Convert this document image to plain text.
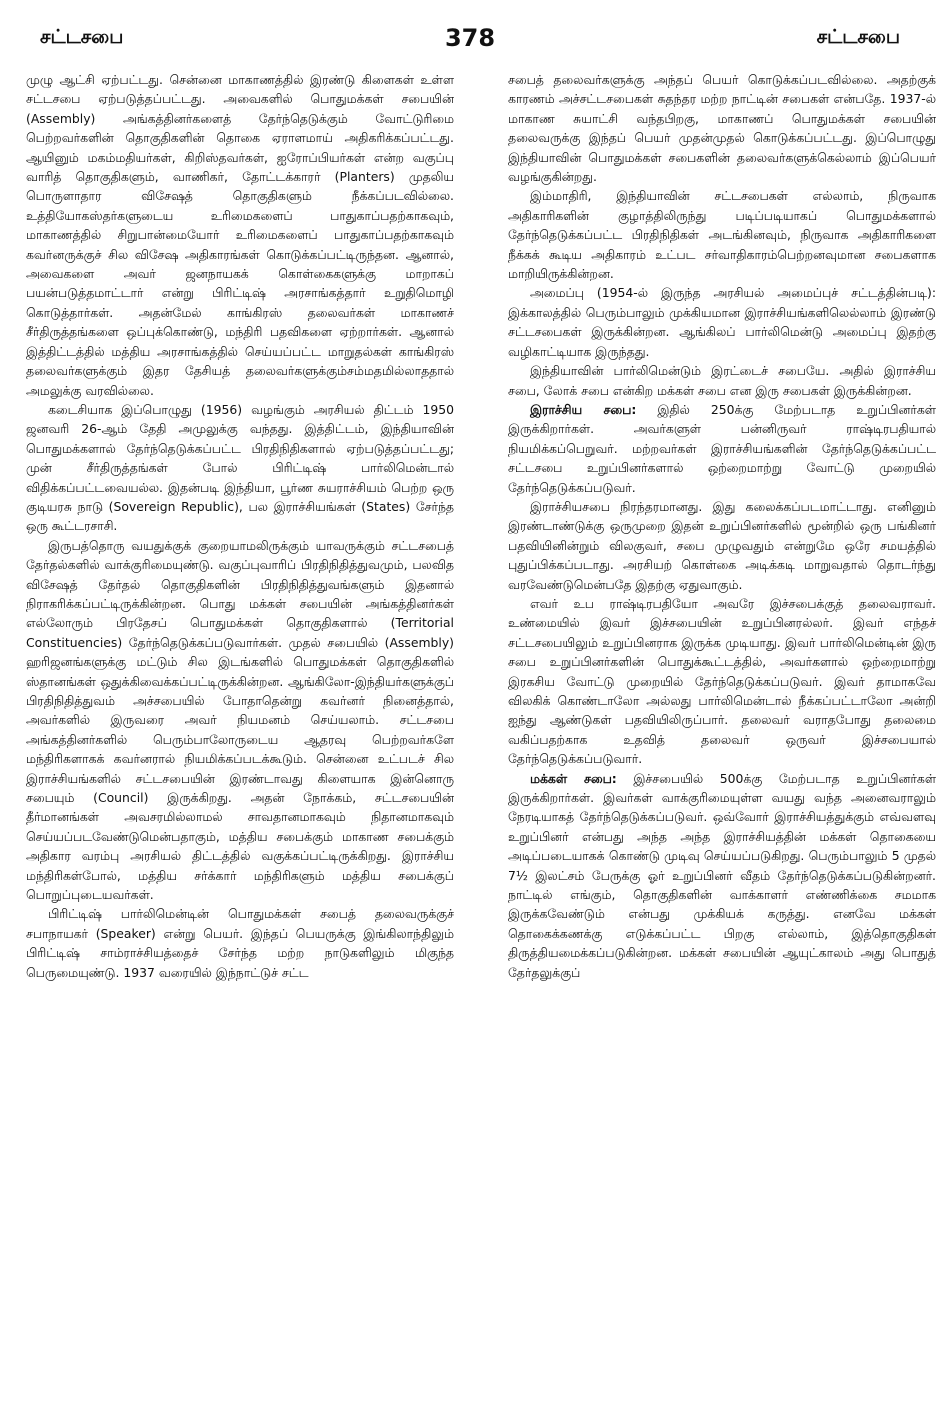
சட்டசபை	378	சட்டசபை

முழு ஆட்சி ஏற்பட்டது. சென்னை மாகாணத்தில் இரண்டு கிளைகள் உள்ள சட்டசபை ஏற்படுத்தப்பட்டது. அவைகளில் பொதுமக்கள் சபையின் (Assembly) அங்கத்தினர்களைத் தேர்ந்தெடுக்கும் வோட்டுரிமை பெற்றவர்களின் தொகுதிகளின் தொகை ஏராளமாய் அதிகரிக்கப்பட்டது. ஆயினும் மகம்மதியர்கள், கிறிஸ்தவர்கள், ஐரோப்பியர்கள் என்ற வகுப்பு வாரித் தொகுதிகளும், வாணிகர், தோட்டக்காரர் (Planters) முதலிய பொருளாதார விசேஷத் தொகுதிகளும் நீக்கப்படவில்லை. உத்தியோகஸ்தர்களுடைய உரிமைகளைப் பாதுகாப்பதற்காகவும், மாகாணத்தில் சிறுபான்மையோர் உரிமைகளைப் பாதுகாப்பதற்காகவும் கவர்னருக்குச் சில விசேஷ அதிகாரங்கள் கொடுக்கப்பட்டிருந்தன. ஆனால், அவைகளை அவர் ஜனநாயகக் கொள்கைகளுக்கு மாறாகப் பயன்படுத்தமாட்டார் என்று பிரிட்டிஷ் அரசாங்கத்தார் உறுதிமொழி கொடுத்தார்கள். அதன்மேல் காங்கிரஸ் தலைவர்கள் மாகாணச் சீர்திருத்தங்களை ஒப்புக்கொண்டு, மந்திரி பதவிகளை ஏற்றார்கள். ஆனால் இத்திட்டத்தில் மத்திய அரசாங்கத்தில் செய்யப்பட்ட மாறுதல்கள் காங்கிரஸ் தலைவர்களுக்கும் இதர தேசியத் தலைவர்களுக்கும்சம்மதமில்லாததால் அமலுக்கு வரவில்லை.

கடைசியாக இப்பொழுது (1956) வழங்கும் அரசியல் திட்டம் 1950 ஜனவரி 26-ஆம் தேதி அமுலுக்கு வந்தது. இத்திட்டம், இந்தியாவின் பொதுமக்களால் தேர்ந்தெடுக்கப்பட்ட பிரதிநிதிகளால் ஏற்படுத்தப்பட்டது; முன் சீர்திருத்தங்கள் போல் பிரிட்டிஷ் பார்லிமென்டால் விதிக்கப்பட்டவையல்ல. இதன்படி இந்தியா, பூர்ண சுயராச்சியம் பெற்ற ஒரு குடியரசு நாடு (Sovereign Republic), பல இராச்சியங்கள் (States) சேர்ந்த ஒரு கூட்டரசாசி.

இருபத்தொரு வயதுக்குக் குறையாமலிருக்கும் யாவருக்கும் சட்டசபைத் தேர்தல்களில் வாக்குரிமையுண்டு. வகுப்புவாரிப் பிரதிநிதித்துவமும், பலவித விசேஷத் தேர்தல் தொகுதிகளின் பிரதிநிதித்துவங்களும் இதனால் நிராகரிக்கப்பட்டிருக்கின்றன. பொது மக்கள் சபையின் அங்கத்தினர்கள் எல்லோரும் பிரதேசப் பொதுமக்கள் தொகுதிகளால் (Territorial Constituencies) தேர்ந்தெடுக்கப்படுவார்கள். முதல் சபையில் (Assembly) ஹரிஜனங்களுக்கு மட்டும் சில இடங்களில் பொதுமக்கள் தொகுதிகளில் ஸ்தானங்கள் ஒதுக்கிவைக்கப்பட்டிருக்கின்றன. ஆங்கிலோ-இந்தியர்களுக்குப் பிரதிநிதித்துவம் அச்சபையில் போதாதென்று கவர்னர் நினைத்தால், அவர்களில் இருவரை அவர் நியமனம் செய்யலாம். சட்டசபை அங்கத்தினர்களில் பெரும்பாலோருடைய ஆதரவு பெற்றவர்களே மந்திரிகளாகக் கவர்னரால் நியமிக்கப்படக்கூடும். சென்னை உட்படச் சில இராச்சியங்களில் சட்டசபையின் இரண்டாவது கிளையாக இன்னொரு சபையும் (Council) இருக்கிறது. அதன் நோக்கம், சட்டசபையின் தீர்மானங்கள் அவசரமில்லாமல் சாவதானமாகவும் நிதானமாகவும் செய்யப்படவேண்டுமென்பதாகும், மத்திய சபைக்கும் மாகாண சபைக்கும் அதிகார வரம்பு அரசியல் திட்டத்தில் வகுக்கப்பட்டிருக்கிறது. இராச்சிய மந்திரிகள்போல், மத்திய சர்க்கார் மந்திரிகளும் மத்திய சபைக்குப் பொறுப்புடையவர்கள்.

பிரிட்டிஷ் பார்லிமென்டின் பொதுமக்கள் சபைத் தலைவருக்குச் சபாநாயகர் (Speaker) என்று பெயர். இந்தப் பெயருக்கு இங்கிலாந்திலும் பிரிட்டிஷ் சாம்ராச்சியத்தைச் சேர்ந்த மற்ற நாடுகளிலும் மிகுந்த பெருமையுண்டு. 1937 வரையில் இந்நாட்டுச் சட்ட

சபைத் தலைவர்களுக்கு அந்தப் பெயர் கொடுக்கப்படவில்லை. அதற்குக் காரணம் அச்சட்டசபைகள் சுதந்தர மற்ற நாட்டின் சபைகள் என்பதே. 1937-ல் மாகாண சுயாட்சி வந்தபிறகு, மாகாணப் பொதுமக்கள் சபையின் தலைவருக்கு இந்தப் பெயர் முதன்முதல் கொடுக்கப்பட்டது. இப்பொழுது இந்தியாவின் பொதுமக்கள் சபைகளின் தலைவர்களுக்கெல்லாம் இப்பெயர் வழங்குகின்றது.

இம்மாதிரி, இந்தியாவின் சட்டசபைகள் எல்லாம், நிருவாக அதிகாரிகளின் குழாத்திலிருந்து படிப்படியாகப் பொதுமக்களால் தேர்ந்தெடுக்கப்பட்ட பிரதிநிதிகள் அடங்கினவும், நிருவாக அதிகாரிகளை நீக்கக் கூடிய அதிகாரம் உட்பட சர்வாதிகாரம்பெற்றனவுமான சபைகளாக மாறியிருக்கின்றன.

அமைப்பு (1954-ல் இருந்த அரசியல் அமைப்புச் சட்டத்தின்படி): இக்காலத்தில் பெரும்பாலும் முக்கியமான இராச்சியங்களிலெல்லாம் இரண்டு சட்டசபைகள் இருக்கின்றன. ஆங்கிலப் பார்லிமென்டு அமைப்பு இதற்கு வழிகாட்டியாக இருந்தது.

இந்தியாவின் பார்லிமென்டும் இரட்டைச் சபையே. அதில் இராச்சிய சபை, லோக் சபை என்கிற மக்கள் சபை என இரு சபைகள் இருக்கின்றன.

இராச்சிய சபை: இதில் 250க்கு மேற்படாத உறுப்பினர்கள் இருக்கிறார்கள். அவர்களுள் பன்னிருவர் ராஷ்டிரபதியால் நியமிக்கப்பெறுவர். மற்றவர்கள் இராச்சியங்களின் தேர்ந்தெடுக்கப்பட்ட சட்டசபை உறுப்பினர்களால் ஒற்றைமாற்று வோட்டு முறையில் தேர்ந்தெடுக்கப்படுவர்.

இராச்சியசபை நிரந்தரமானது. இது கலைக்கப்படமாட்டாது. எனினும் இரண்டாண்டுக்கு ஒருமுறை இதன் உறுப்பினர்களில் மூன்றில் ஒரு பங்கினர் பதவியினின்றும் விலகுவர், சபை முழுவதும் என்றுமே ஒரே சமயத்தில் புதுப்பிக்கப்படாது. அரசியற் கொள்கை அடிக்கடி மாறுவதால் தொடர்ந்து வரவேண்டுமென்பதே இதற்கு ஏதுவாகும்.

எவர் உப ராஷ்டிரபதியோ அவரே இச்சபைக்குத் தலைவராவர். உண்மையில் இவர் இச்சபையின் உறுப்பினரல்லர். இவர் எந்தச் சட்டசபையிலும் உறுப்பினராக இருக்க முடியாது. இவர் பார்லிமென்டின் இரு சபை உறுப்பினர்களின் பொதுக்கூட்டத்தில், அவர்களால் ஒற்றைமாற்று இரகசிய வோட்டு முறையில் தேர்ந்தெடுக்கப்படுவர். இவர் தாமாகவே விலகிக் கொண்டாலோ அல்லது பார்லிமென்டால் நீக்கப்பட்டாலோ அன்றி ஐந்து ஆண்டுகள் பதவியிலிருப்பார். தலைவர் வராதபோது தலைமை வகிப்பதற்காக உதவித் தலைவர் ஒருவர் இச்சபையால் தேர்ந்தெடுக்கப்படுவார்.

மக்கள் சபை: இச்சபையில் 500க்கு மேற்படாத உறுப்பினர்கள் இருக்கிறார்கள். இவர்கள் வாக்குரிமையுள்ள வயது வந்த அனைவராலும் நேரடியாகத் தேர்ந்தெடுக்கப்படுவர். ஒவ்வோர் இராச்சியத்துக்கும் எவ்வளவு உறுப்பினர் என்பது அந்த அந்த இராச்சியத்தின் மக்கள் தொகையை அடிப்படையாகக் கொண்டு முடிவு செய்யப்படுகிறது. பெரும்பாலும் 5 முதல் 7½ இலட்சம் பேருக்கு ஓர் உறுப்பினர் வீதம் தேர்ந்தெடுக்கப்படுகின்றனர். நாட்டில் எங்கும், தொகுதிகளின் வாக்காளர் எண்ணிக்கை சமமாக இருக்கவேண்டும் என்பது முக்கியக் கருத்து. எனவே மக்கள் தொகைக்கணக்கு எடுக்கப்பட்ட பிறகு எல்லாம், இத்தொகுதிகள் திருத்தியமைக்கப்படுகின்றன. மக்கள் சபையின் ஆயுட்காலம் அது பொதுத் தேர்தலுக்குப்
